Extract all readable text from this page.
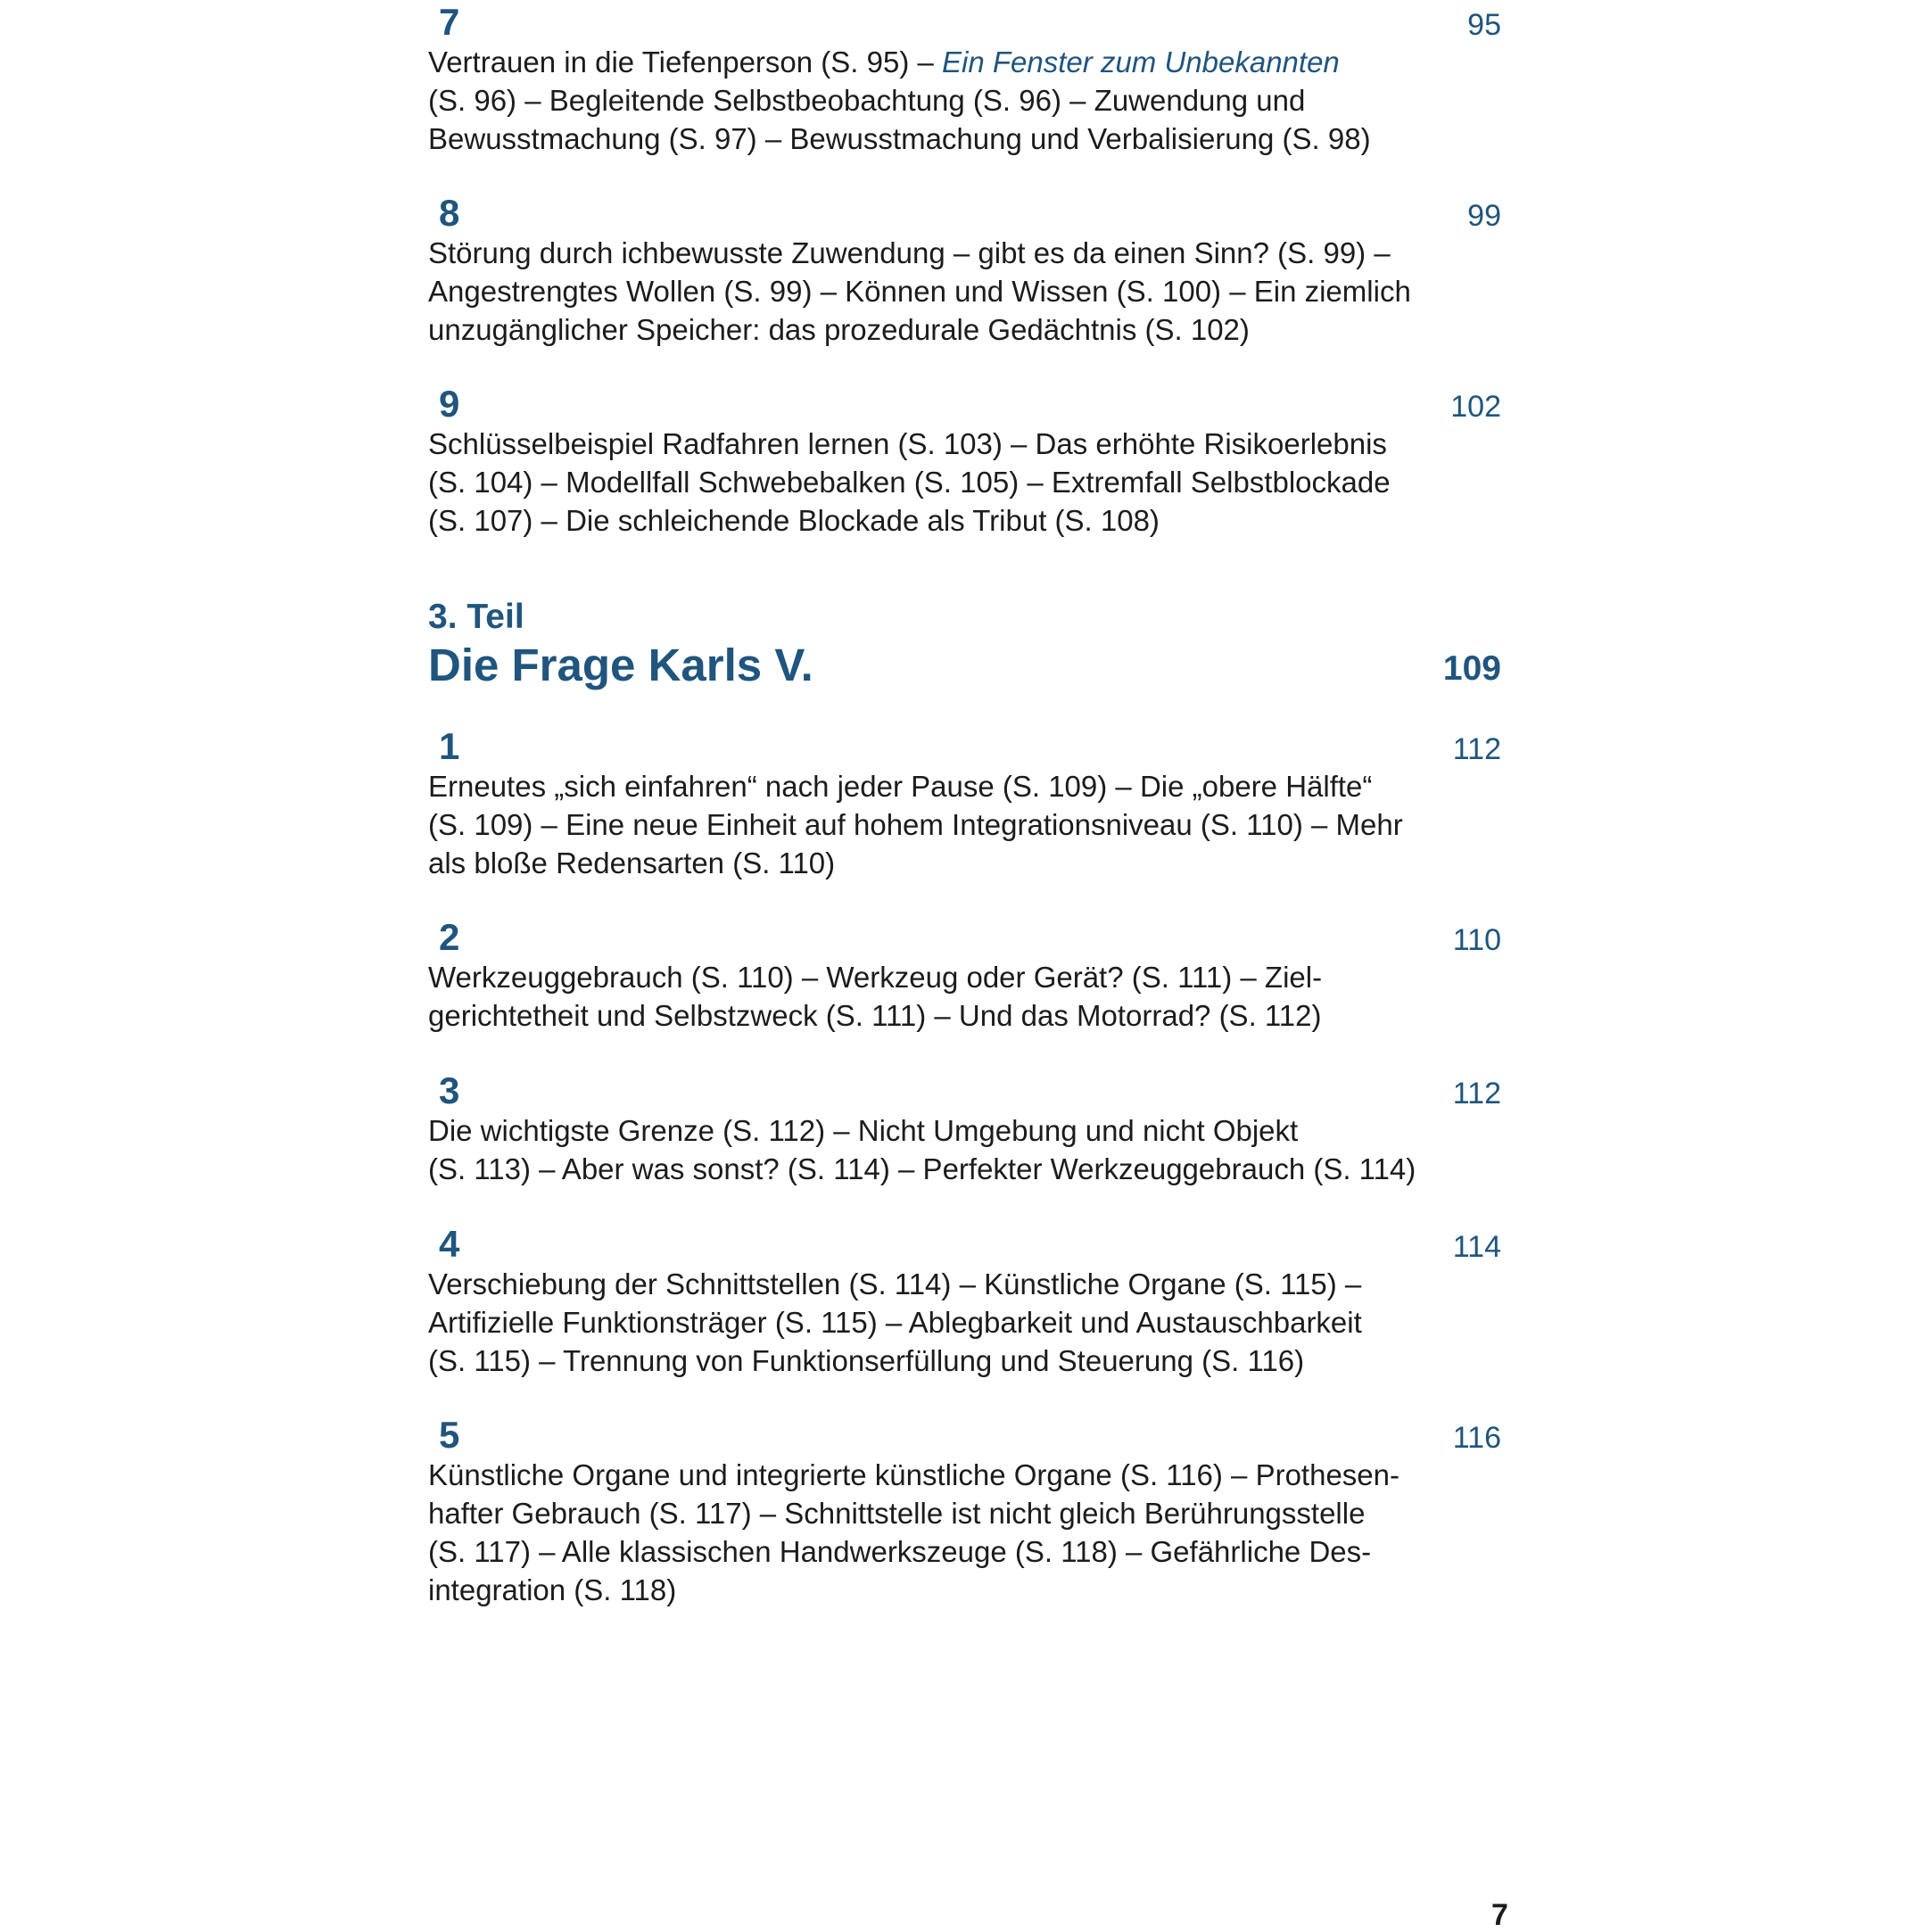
7	95
Vertrauen in die Tiefenperson (S. 95) – Ein Fenster zum Unbekannten
(S. 96) – Begleitende Selbstbeobachtung (S. 96) – Zuwendung und
Bewusstmachung (S. 97) – Bewusstmachung und Verbalisierung (S. 98)
8	99
Störung durch ichbewusste Zuwendung – gibt es da einen Sinn? (S. 99) –
Angestrengtes Wollen (S. 99) – Können und Wissen (S. 100) – Ein ziemlich
unzugänglicher Speicher: das prozedurale Gedächtnis (S. 102)
9	102
Schlüsselbeispiel Radfahren lernen (S. 103) – Das erhöhte Risikoerlebnis
(S. 104) – Modellfall Schwebebalken (S. 105) – Extremfall Selbstblockade
(S. 107) – Die schleichende Blockade als Tribut (S. 108)
3. Teil
Die Frage Karls V.	109
1	112
Erneutes „sich einfahren“ nach jeder Pause (S. 109) – Die „obere Hälfte“
(S. 109) – Eine neue Einheit auf hohem Integrationsniveau (S. 110) – Mehr
als bloße Redensarten (S. 110)
2	110
Werkzeuggebrauch (S. 110) – Werkzeug oder Gerät? (S. 111) – Ziel-
gerichtetheit und Selbstzweck (S. 111) – Und das Motorrad? (S. 112)
3	112
Die wichtigste Grenze (S. 112) – Nicht Umgebung und nicht Objekt
(S. 113) – Aber was sonst? (S. 114) – Perfekter Werkzeuggebrauch (S. 114)
4	114
Verschiebung der Schnittstellen (S. 114) – Künstliche Organe (S. 115) –
Artifizielle Funktionsträger (S. 115) – Ablegbarkeit und Austauschbarkeit
(S. 115) – Trennung von Funktionserfüllung und Steuerung (S. 116)
5	116
Künstliche Organe und integrierte künstliche Organe (S. 116) – Prothesen-
hafter Gebrauch (S. 117) – Schnittstelle ist nicht gleich Berührungsstelle
(S. 117) – Alle klassischen Handwerkszeuge (S. 118) – Gefährliche Des-
integration (S. 118)
7
